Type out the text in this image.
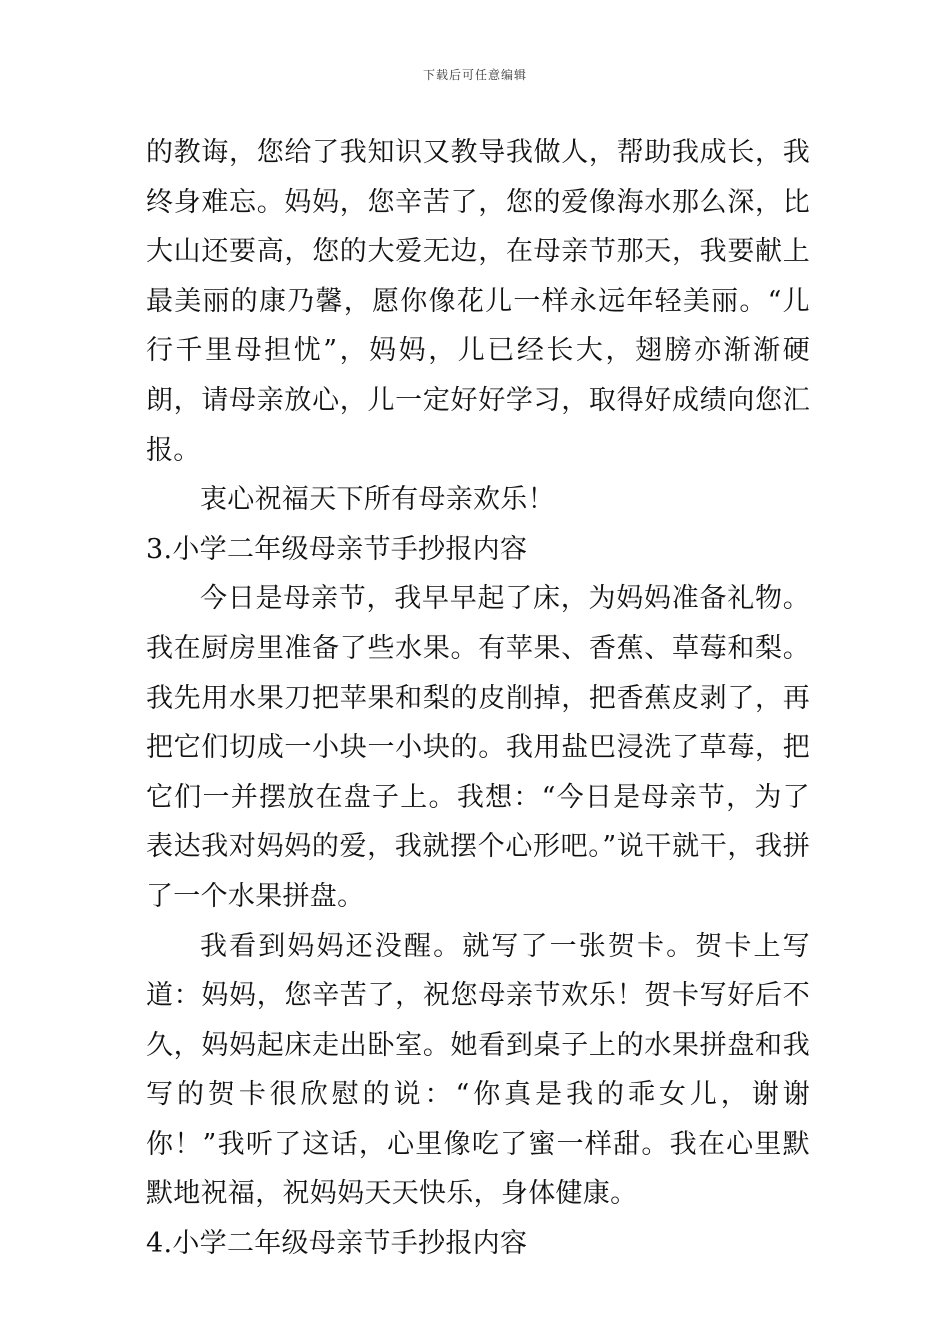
下载后可任意编辑

的教诲，您给了我知识又教导我做人，帮助我成长，我终身难忘。妈妈，您辛苦了，您的爱像海水那么深，比大山还要高，您的大爱无边，在母亲节那天，我要献上最美丽的康乃馨，愿你像花儿一样永远年轻美丽。“儿行千里母担忧”，妈妈，儿已经长大，翅膀亦渐渐硬朗，请母亲放心，儿一定好好学习，取得好成绩向您汇报。

衷心祝福天下所有母亲欢乐！

3.小学二年级母亲节手抄报内容

今日是母亲节，我早早起了床，为妈妈准备礼物。我在厨房里准备了些水果。有苹果、香蕉、草莓和梨。我先用水果刀把苹果和梨的皮削掉，把香蕉皮剥了，再把它们切成一小块一小块的。我用盐巴浸洗了草莓，把它们一并摆放在盘子上。我想：“今日是母亲节，为了表达我对妈妈的爱，我就摆个心形吧。”说干就干，我拼了一个水果拼盘。

我看到妈妈还没醒。就写了一张贺卡。贺卡上写道：妈妈，您辛苦了，祝您母亲节欢乐！贺卡写好后不久，妈妈起床走出卧室。她看到桌子上的水果拼盘和我写的贺卡很欣慰的说：“你真是我的乖女儿，谢谢你！”我听了这话，心里像吃了蜜一样甜。我在心里默默地祝福，祝妈妈天天快乐，身体健康。

4.小学二年级母亲节手抄报内容
